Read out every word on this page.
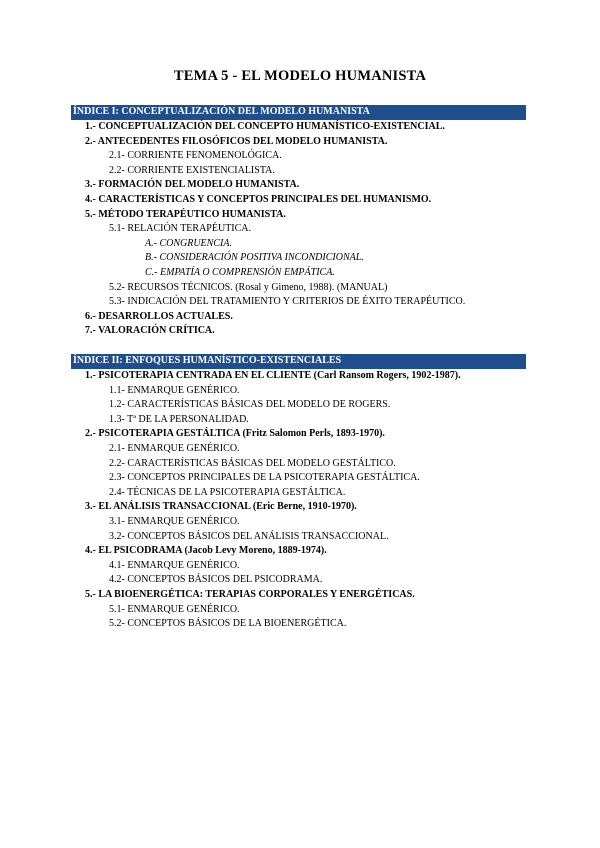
TEMA 5 - EL MODELO HUMANISTA
ÍNDICE I: CONCEPTUALIZACIÓN DEL MODELO HUMANISTA
1.- CONCEPTUALIZACIÓN DEL CONCEPTO HUMANÍSTICO-EXISTENCIAL.
2.- ANTECEDENTES FILOSÓFICOS DEL MODELO HUMANISTA.
2.1- CORRIENTE FENOMENOLÓGICA.
2.2- CORRIENTE EXISTENCIALISTA.
3.- FORMACIÓN DEL MODELO HUMANISTA.
4.- CARACTERÍSTICAS Y CONCEPTOS PRINCIPALES DEL HUMANISMO.
5.- MÉTODO TERAPÉUTICO HUMANISTA.
5.1- RELACIÓN TERAPÉUTICA.
A.- CONGRUENCIA.
B.- CONSIDERACIÓN POSITIVA INCONDICIONAL.
C.- EMPATÍA O COMPRENSIÓN EMPÁTICA.
5.2- RECURSOS TÉCNICOS. (Rosal y Gimeno, 1988). (MANUAL)
5.3- INDICACIÓN DEL TRATAMIENTO Y CRITERIOS DE ÉXITO TERAPÉUTICO.
6.- DESARROLLOS ACTUALES.
7.- VALORACIÓN CRÍTICA.
ÍNDICE II: ENFOQUES HUMANÍSTICO-EXISTENCIALES
1.- PSICOTERAPIA CENTRADA EN EL CLIENTE (Carl Ransom Rogers, 1902-1987).
1.1- ENMARQUE GENÉRICO.
1.2- CARACTERÍSTICAS BÁSICAS DEL MODELO DE ROGERS.
1.3- Tª DE LA PERSONALIDAD.
2.- PSICOTERAPIA GESTÁLTICA (Fritz Salomon Perls, 1893-1970).
2.1- ENMARQUE GENÉRICO.
2.2- CARACTERÍSTICAS BÁSICAS DEL MODELO GESTÁLTICO.
2.3- CONCEPTOS PRINCIPALES DE LA PSICOTERAPIA GESTÁLTICA.
2.4- TÉCNICAS DE LA PSICOTERAPIA GESTÁLTICA.
3.- EL ANÁLISIS TRANSACCIONAL (Eric Berne, 1910-1970).
3.1- ENMARQUE GENÉRICO.
3.2- CONCEPTOS BÁSICOS DEL ANÁLISIS TRANSACCIONAL.
4.- EL PSICODRAMA (Jacob Levy Moreno, 1889-1974).
4.1- ENMARQUE GENÉRICO.
4.2- CONCEPTOS BÁSICOS DEL PSICODRAMA.
5.- LA BIOENERGÉTICA: TERAPIAS CORPORALES Y ENERGÉTICAS.
5.1- ENMARQUE GENÉRICO.
5.2- CONCEPTOS BÁSICOS DE LA BIOENERGÉTICA.
